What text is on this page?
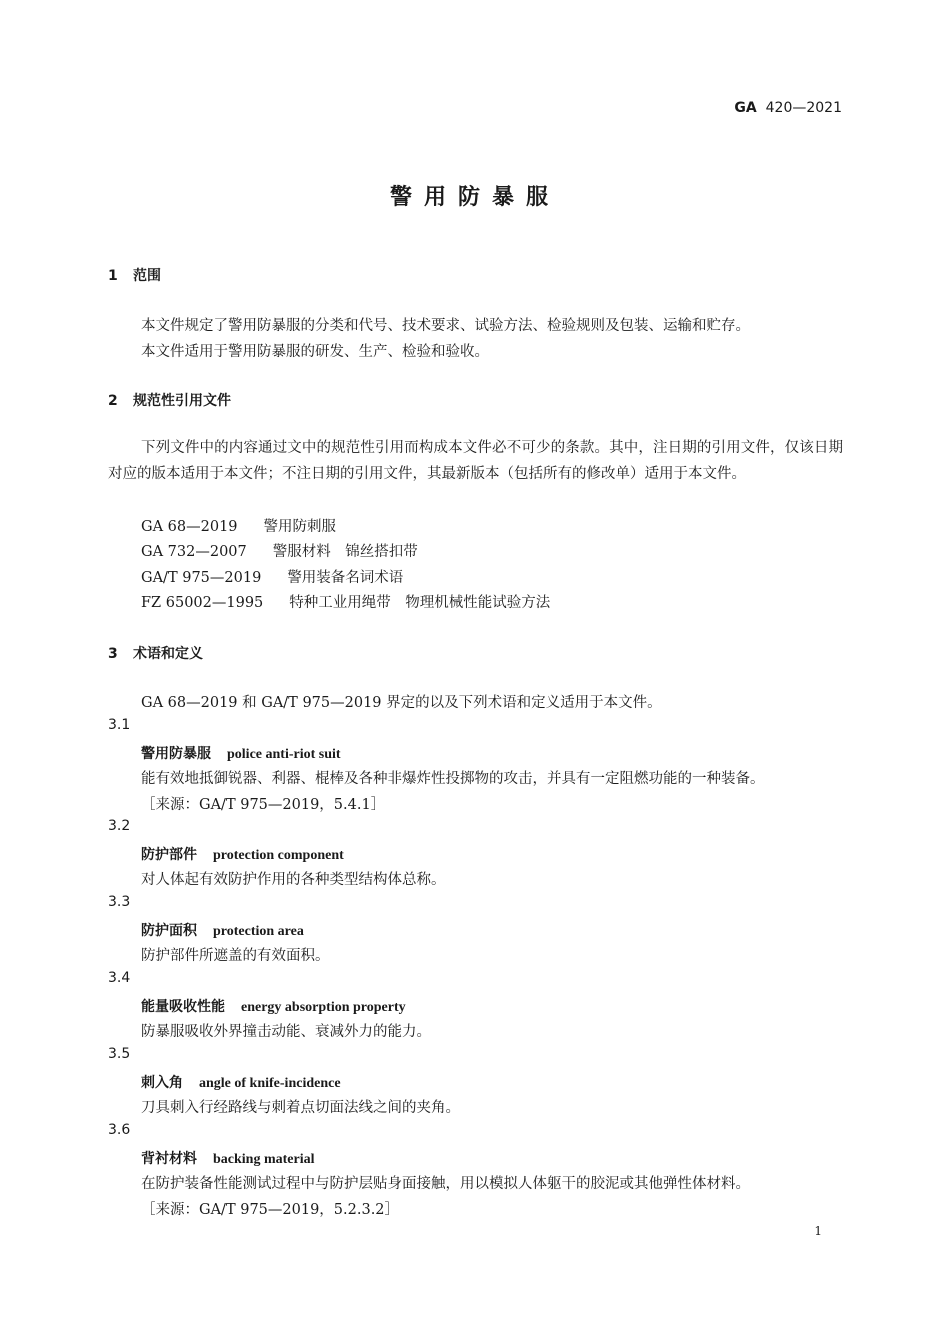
GA 420—2021
警用防暴服
1 范围
本文件规定了警用防暴服的分类和代号、技术要求、试验方法、检验规则及包装、运输和贮存。
本文件适用于警用防暴服的研发、生产、检验和验收。
2 规范性引用文件
下列文件中的内容通过文中的规范性引用而构成本文件必不可少的条款。其中，注日期的引用文件，仅该日期对应的版本适用于本文件；不注日期的引用文件，其最新版本（包括所有的修改单）适用于本文件。
GA 68—2019 警用防刺服
GA 732—2007 警服材料　锦丝搭扣带
GA/T 975—2019 警用装备名词术语
FZ 65002—1995 特种工业用绳带　物理机械性能试验方法
3 术语和定义
GA 68—2019 和 GA/T 975—2019 界定的以及下列术语和定义适用于本文件。
3.1
警用防暴服 police anti-riot suit
能有效地抵御锐器、利器、棍棒及各种非爆炸性投掷物的攻击，并具有一定阻燃功能的一种装备。
［来源：GA/T 975—2019，5.4.1］
3.2
防护部件 protection component
对人体起有效防护作用的各种类型结构体总称。
3.3
防护面积 protection area
防护部件所遮盖的有效面积。
3.4
能量吸收性能 energy absorption property
防暴服吸收外界撞击动能、衰减外力的能力。
3.5
刺入角 angle of knife-incidence
刀具刺入行经路线与刺着点切面法线之间的夹角。
3.6
背衬材料 backing material
在防护装备性能测试过程中与防护层贴身面接触，用以模拟人体躯干的胶泥或其他弹性体材料。
［来源：GA/T 975—2019，5.2.3.2］
1
